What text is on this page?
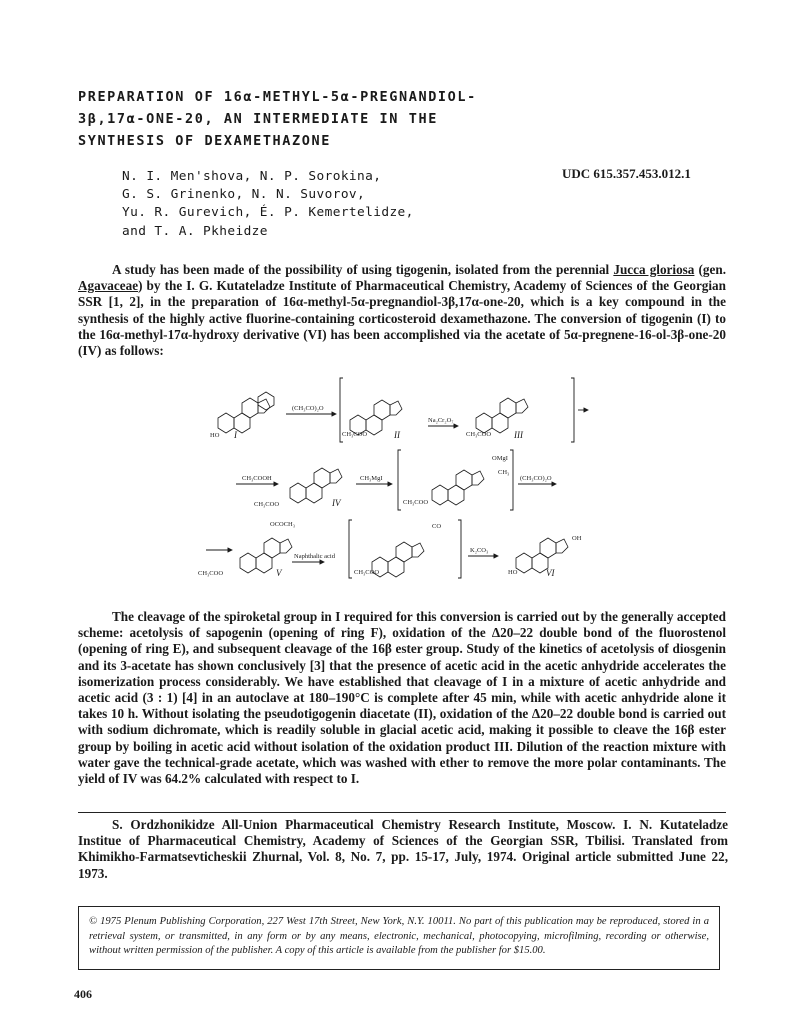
PREPARATION OF 16α-METHYL-5α-PREGNANDIOL-
3β,17α-ONE-20, AN INTERMEDIATE IN THE
SYNTHESIS OF DEXAMETHAZONE
N. I. Men'shova, N. P. Sorokina,
G. S. Grinenko, N. N. Suvorov,
Yu. R. Gurevich, É. P. Kemertelidze,
and T. A. Pkheidze
UDC 615.357.453.012.1
A study has been made of the possibility of using tigogenin, isolated from the perennial Jucca gloriosa (gen. Agavaceae) by the I. G. Kutateladze Institute of Pharmaceutical Chemistry, Academy of Sciences of the Georgian SSR [1, 2], in the preparation of 16α-methyl-5α-pregnandiol-3β,17α-one-20, which is a key compound in the synthesis of the highly active fluorine-containing corticosteroid dexamethazone. The conversion of tigogenin (I) to the 16α-methyl-17α-hydroxy derivative (VI) has been accomplished via the acetate of 5α-pregnene-16-ol-3β-one-20 (IV) as follows:
HO I
(CH₃CO)₂O
CH₃COO	II
Na₂Cr₂O₇
CH₃COO	III
CH₃COOH
CH₃COO	IV
CH₃MgI
CH₃COO
OMgI
CH₃
(CH₃CO)₂O
OCOCH₃
CH₃COO	V
Naphthalic acid
CH₃COO
CO
K₂CO₃
HO
OH
VI
The cleavage of the spiroketal group in I required for this conversion is carried out by the generally accepted scheme: acetolysis of sapogenin (opening of ring F), oxidation of the Δ20–22 double bond of the fluorostenol (opening of ring E), and subsequent cleavage of the 16β ester group. Study of the kinetics of acetolysis of diosgenin and its 3-acetate has shown conclusively [3] that the presence of acetic acid in the acetic anhydride accelerates the isomerization process considerably. We have established that cleavage of I in a mixture of acetic anhydride and acetic acid (3 : 1) [4] in an autoclave at 180–190°C is complete after 45 min, while with acetic anhydride alone it takes 10 h. Without isolating the pseudotigogenin diacetate (II), oxidation of the Δ20–22 double bond is carried out with sodium dichromate, which is readily soluble in glacial acetic acid, making it possible to cleave the 16β ester group by boiling in acetic acid without isolation of the oxidation product III. Dilution of the reaction mixture with water gave the technical-grade acetate, which was washed with ether to remove the more polar contaminants. The yield of IV was 64.2% calculated with respect to I.
S. Ordzhonikidze All-Union Pharmaceutical Chemistry Research Institute, Moscow. I. N. Kutateladze Institue of Pharmaceutical Chemistry, Academy of Sciences of the Georgian SSR, Tbilisi. Translated from Khimikho-Farmatsevticheskii Zhurnal, Vol. 8, No. 7, pp. 15-17, July, 1974. Original article submitted June 22, 1973.
© 1975 Plenum Publishing Corporation, 227 West 17th Street, New York, N.Y. 10011. No part of this publication may be reproduced, stored in a retrieval system, or transmitted, in any form or by any means, electronic, mechanical, photocopying, microfilming, recording or otherwise, without written permission of the publisher. A copy of this article is available from the publisher for $15.00.
406
